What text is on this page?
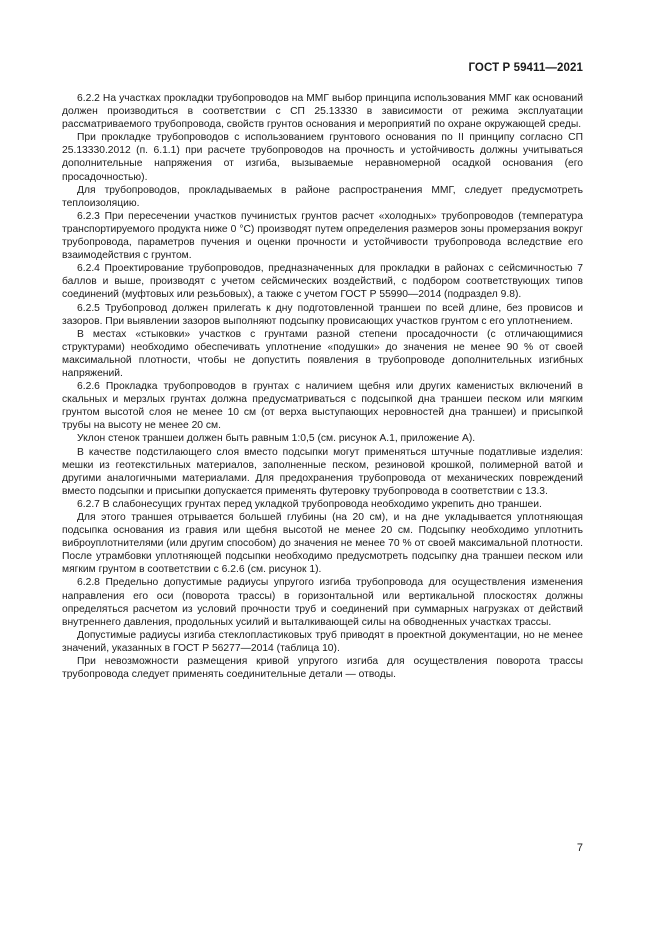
ГОСТ Р 59411—2021

6.2.2 На участках прокладки трубопроводов на ММГ выбор принципа использования ММГ как оснований должен производиться в соответствии с СП 25.13330 в зависимости от режима эксплуатации рассматриваемого трубопровода, свойств грунтов основания и мероприятий по охране окружающей среды.

При прокладке трубопроводов с использованием грунтового основания по II принципу согласно СП 25.13330.2012 (п. 6.1.1) при расчете трубопроводов на прочность и устойчивость должны учитываться дополнительные напряжения от изгиба, вызываемые неравномерной осадкой основания (его просадочностью).

Для трубопроводов, прокладываемых в районе распространения ММГ, следует предусмотреть теплоизоляцию.

6.2.3 При пересечении участков пучинистых грунтов расчет «холодных» трубопроводов (температура транспортируемого продукта ниже 0 °С) производят путем определения размеров зоны промерзания вокруг трубопровода, параметров пучения и оценки прочности и устойчивости трубопровода вследствие его взаимодействия с грунтом.

6.2.4 Проектирование трубопроводов, предназначенных для прокладки в районах с сейсмичностью 7 баллов и выше, производят с учетом сейсмических воздействий, с подбором соответствующих типов соединений (муфтовых или резьбовых), а также с учетом ГОСТ Р 55990—2014 (подраздел 9.8).

6.2.5 Трубопровод должен прилегать к дну подготовленной траншеи по всей длине, без провисов и зазоров. При выявлении зазоров выполняют подсыпку провисающих участков грунтом с его уплотнением.

В местах «стыковки» участков с грунтами разной степени просадочности (с отличающимися структурами) необходимо обеспечивать уплотнение «подушки» до значения не менее 90 % от своей максимальной плотности, чтобы не допустить появления в трубопроводе дополнительных изгибных напряжений.

6.2.6 Прокладка трубопроводов в грунтах с наличием щебня или других каменистых включений в скальных и мерзлых грунтах должна предусматриваться с подсыпкой дна траншеи песком или мягким грунтом высотой слоя не менее 10 см (от верха выступающих неровностей дна траншеи) и присыпкой трубы на высоту не менее 20 см.

Уклон стенок траншеи должен быть равным 1:0,5 (см. рисунок А.1, приложение А).

В качестве подстилающего слоя вместо подсыпки могут применяться штучные податливые изделия: мешки из геотекстильных материалов, заполненные песком, резиновой крошкой, полимерной ватой и другими аналогичными материалами. Для предохранения трубопровода от механических повреждений вместо подсыпки и присыпки допускается применять футеровку трубопровода в соответствии с 13.3.

6.2.7 В слабонесущих грунтах перед укладкой трубопровода необходимо укрепить дно траншеи.

Для этого траншея отрывается большей глубины (на 20 см), и на дне укладывается уплотняющая подсыпка основания из гравия или щебня высотой не менее 20 см. Подсыпку необходимо уплотнить виброуплотнителями (или другим способом) до значения не менее 70 % от своей максимальной плотности. После утрамбовки уплотняющей подсыпки необходимо предусмотреть подсыпку дна траншеи песком или мягким грунтом в соответствии с 6.2.6 (см. рисунок 1).

6.2.8 Предельно допустимые радиусы упругого изгиба трубопровода для осуществления изменения направления его оси (поворота трассы) в горизонтальной или вертикальной плоскостях должны определяться расчетом из условий прочности труб и соединений при суммарных нагрузках от действий внутреннего давления, продольных усилий и выталкивающей силы на обводненных участках трассы.

Допустимые радиусы изгиба стеклопластиковых труб приводят в проектной документации, но не менее значений, указанных в ГОСТ Р 56277—2014 (таблица 10).

При невозможности размещения кривой упругого изгиба для осуществления поворота трассы трубопровода следует применять соединительные детали — отводы.

7
